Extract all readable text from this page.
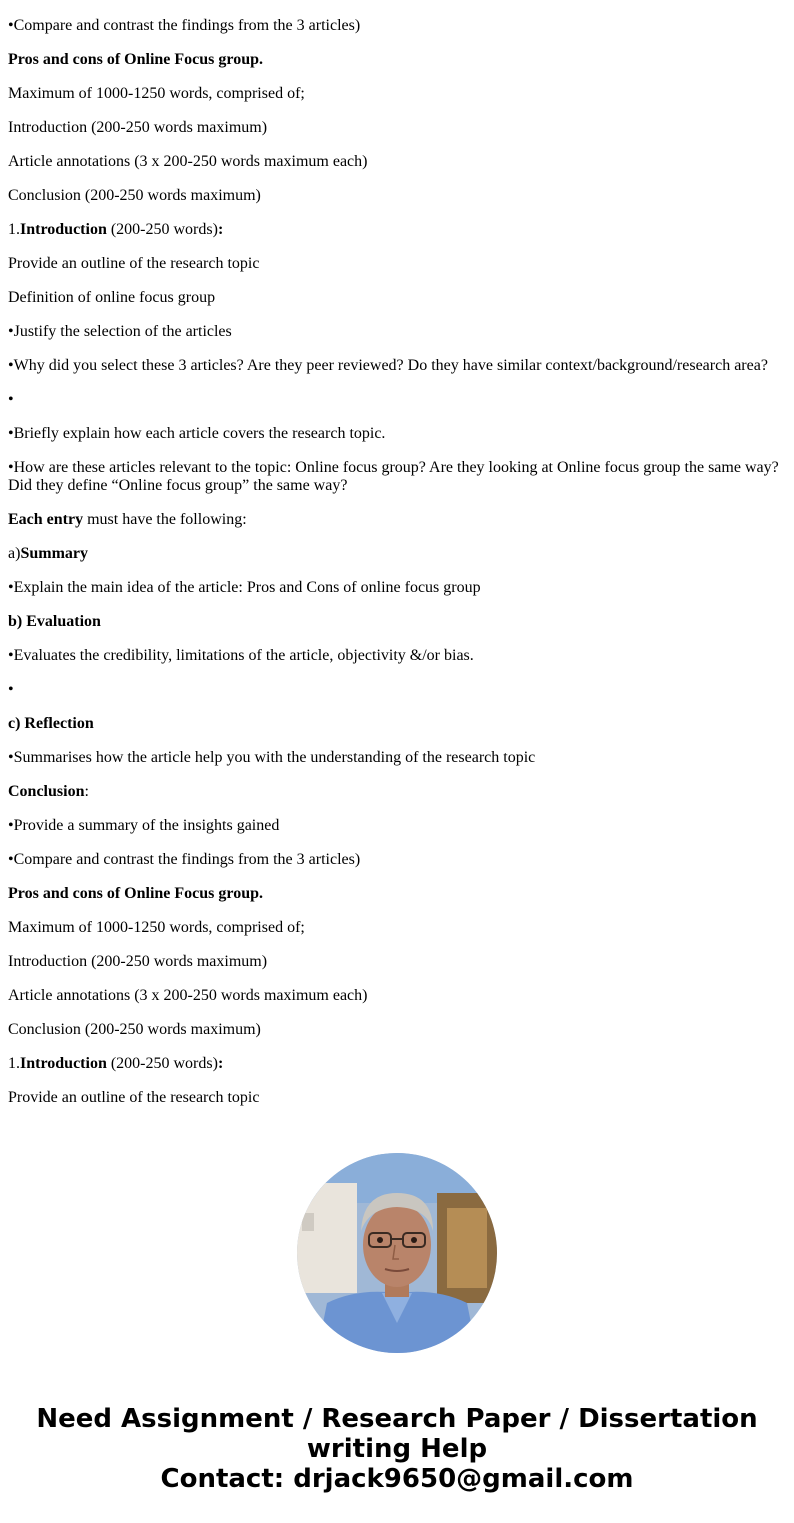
•Compare and contrast the findings from the 3 articles)

Pros and cons of Online Focus group.

Maximum of 1000-1250 words, comprised of;

Introduction (200-250 words maximum)

Article annotations (3 x 200-250 words maximum each)

Conclusion (200-250 words maximum)

1.Introduction (200-250 words):

Provide an outline of the research topic

Definition of online focus group

•Justify the selection of the articles

•Why did you select these 3 articles? Are they peer reviewed? Do they have similar context/background/research area?

•

•Briefly explain how each article covers the research topic.

•How are these articles relevant to the topic: Online focus group? Are they looking at Online focus group the same way? Did they define “Online focus group” the same way?

Each entry must have the following:

a)Summary

•Explain the main idea of the article: Pros and Cons of online focus group

b) Evaluation

•Evaluates the credibility, limitations of the article, objectivity &/or bias.

•

c) Reflection

•Summarises how the article help you with the understanding of the research topic

Conclusion:

•Provide a summary of the insights gained

•Compare and contrast the findings from the 3 articles)

Pros and cons of Online Focus group.

Maximum of 1000-1250 words, comprised of;

Introduction (200-250 words maximum)

Article annotations (3 x 200-250 words maximum each)

Conclusion (200-250 words maximum)

1.Introduction (200-250 words):

Provide an outline of the research topic

Need Assignment / Research Paper / Dissertation writing Help
Contact: drjack9650@gmail.com
